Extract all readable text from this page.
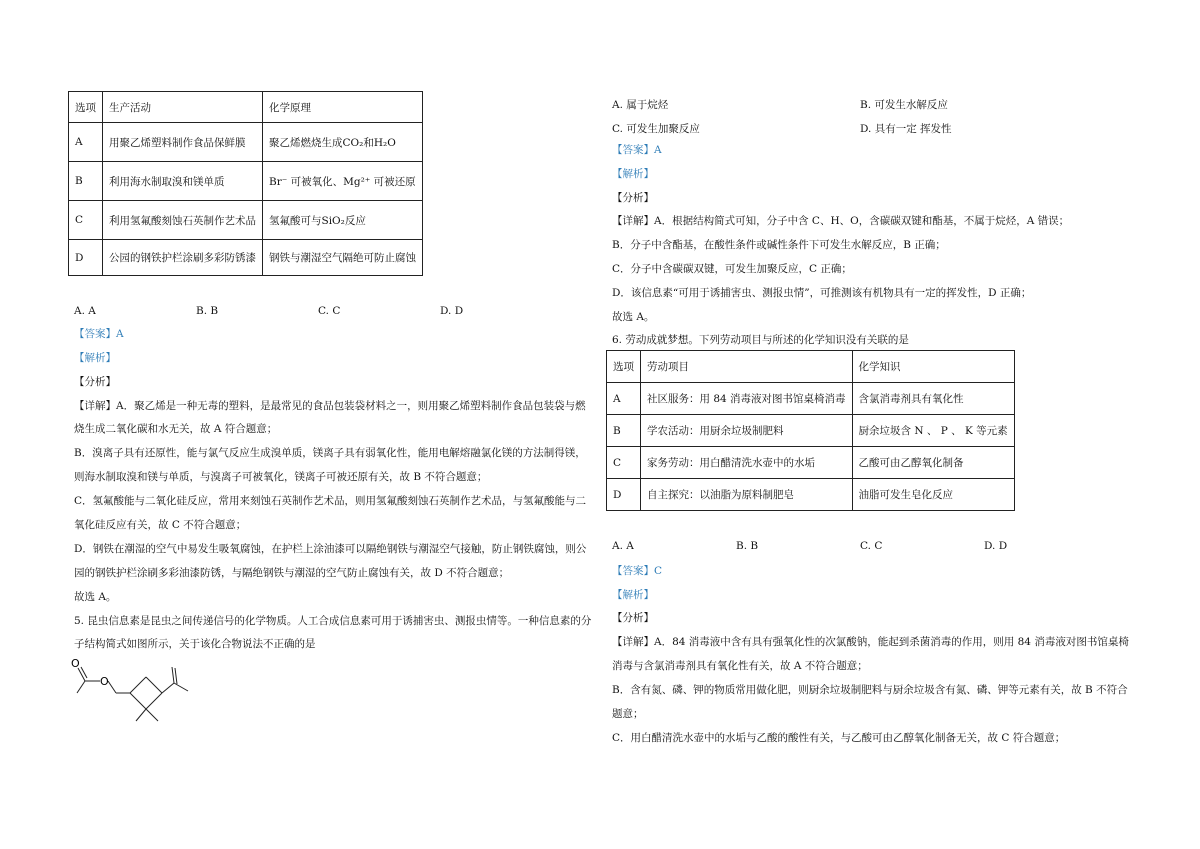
选项	生产活动	化学原理
A	用聚乙烯塑料制作食品保鲜膜	聚乙烯燃烧生成CO₂和H₂O
B	利用海水制取溴和镁单质	Br⁻ 可被氧化、Mg²⁺ 可被还原
C	利用氢氟酸刻蚀石英制作艺术品	氢氟酸可与SiO₂反应
D	公园的钢铁护栏涂刷多彩防锈漆	钢铁与潮湿空气隔绝可防止腐蚀
A. A	B. B	C. C	D. D
【答案】A
【解析】
【分析】
【详解】A．聚乙烯是一种无毒的塑料，是最常见的食品包装袋材料之一，则用聚乙烯塑料制作食品包装袋与燃
烧生成二氧化碳和水无关，故 A 符合题意；
B．溴离子具有还原性，能与氯气反应生成溴单质，镁离子具有弱氧化性，能用电解熔融氯化镁的方法制得镁，
则海水制取溴和镁与单质，与溴离子可被氧化，镁离子可被还原有关，故 B 不符合题意；
C．氢氟酸能与二氧化硅反应，常用来刻蚀石英制作艺术品，则用氢氟酸刻蚀石英制作艺术品，与氢氟酸能与二
氧化硅反应有关，故 C 不符合题意；
D．钢铁在潮湿的空气中易发生吸氧腐蚀，在护栏上涂油漆可以隔绝钢铁与潮湿空气接触，防止钢铁腐蚀，则公
园的钢铁护栏涂刷多彩油漆防锈，与隔绝钢铁与潮湿的空气防止腐蚀有关，故 D 不符合题意；
故选 A。
5. 昆虫信息素是昆虫之间传递信号的化学物质。人工合成信息素可用于诱捕害虫、测报虫情等。一种信息素的分
子结构简式如图所示，关于该化合物说法不正确的是
O
O
A. 属于烷烃	B. 可发生水解反应
C. 可发生加聚反应	D. 具有一定 挥发性
【答案】A
【解析】
【分析】
【详解】A．根据结构简式可知，分子中含 C、H、O，含碳碳双键和酯基，不属于烷烃，A 错误；
B．分子中含酯基，在酸性条件或碱性条件下可发生水解反应，B 正确；
C．分子中含碳碳双键，可发生加聚反应，C 正确；
D．该信息素“可用于诱捕害虫、测报虫情”，可推测该有机物具有一定的挥发性，D 正确；
故选 A。
6. 劳动成就梦想。下列劳动项目与所述的化学知识没有关联的是
选项	劳动项目	化学知识
A	社区服务：用 84 消毒液对图书馆桌椅消毒	含氯消毒剂具有氧化性
B	学农活动：用厨余垃圾制肥料	厨余垃圾含 N 、 P 、 K 等元素
C	家务劳动：用白醋清洗水壶中的水垢	乙酸可由乙醇氧化制备
D	自主探究：以油脂为原料制肥皂	油脂可发生皂化反应
A. A	B. B	C. C	D. D
【答案】C
【解析】
【分析】
【详解】A．84 消毒液中含有具有强氧化性的次氯酸钠，能起到杀菌消毒的作用，则用 84 消毒液对图书馆桌椅
消毒与含氯消毒剂具有氧化性有关，故 A 不符合题意；
B．含有氮、磷、钾的物质常用做化肥，则厨余垃圾制肥料与厨余垃圾含有氮、磷、钾等元素有关，故 B 不符合
题意；
C．用白醋清洗水壶中的水垢与乙酸的酸性有关，与乙酸可由乙醇氧化制备无关，故 C 符合题意；
